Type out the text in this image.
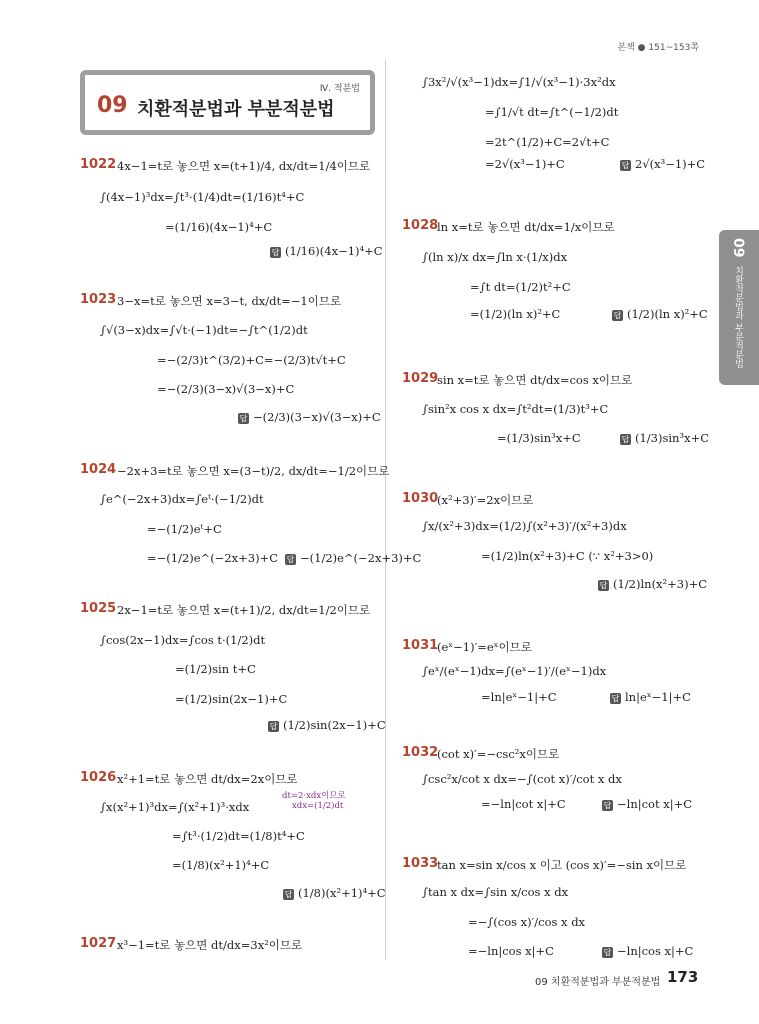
본책 ● 151~153쪽
Ⅳ. 적분법
09 치환적분법과 부분적분법
09
치환적분법과 부분적분법
1022 4x−1=t로 놓으면 x=(t+1)/4, dx/dt=1/4이므로
∫(4x−1)³dx=∫t³·(1/4)dt=(1/16)t⁴+C
=(1/16)(4x−1)⁴+C
답 (1/16)(4x−1)⁴+C
1023 3−x=t로 놓으면 x=3−t, dx/dt=−1이므로
∫√(3−x)dx=∫√t·(−1)dt=−∫t^(1/2)dt
=−(2/3)t^(3/2)+C=−(2/3)t√t+C
=−(2/3)(3−x)√(3−x)+C
답 −(2/3)(3−x)√(3−x)+C
1024 −2x+3=t로 놓으면 x=(3−t)/2, dx/dt=−1/2이므로
∫e^(−2x+3)dx=∫eᵗ·(−1/2)dt
=−(1/2)eᵗ+C
=−(1/2)e^(−2x+3)+C 답 −(1/2)e^(−2x+3)+C
1025 2x−1=t로 놓으면 x=(t+1)/2, dx/dt=1/2이므로
∫cos(2x−1)dx=∫cos t·(1/2)dt
=(1/2)sin t+C
=(1/2)sin(2x−1)+C
답 (1/2)sin(2x−1)+C
1026 x²+1=t로 놓으면 dt/dx=2x이므로
dt=2·xdx이므로
xdx=(1/2)dt
∫x(x²+1)³dx=∫(x²+1)³·xdx
=∫t³·(1/2)dt=(1/8)t⁴+C
=(1/8)(x²+1)⁴+C
답 (1/8)(x²+1)⁴+C
1027 x³−1=t로 놓으면 dt/dx=3x²이므로
∫3x²/√(x³−1)dx=∫1/√(x³−1)·3x²dx
=∫1/√t dt=∫t^(−1/2)dt
=2t^(1/2)+C=2√t+C
=2√(x³−1)+C	답 2√(x³−1)+C
1028
ln x=t로 놓으면 dt/dx=1/x이므로
∫(ln x)/x dx=∫ln x·(1/x)dx
=∫t dt=(1/2)t²+C
=(1/2)(ln x)²+C	답 (1/2)(ln x)²+C
1029
sin x=t로 놓으면 dt/dx=cos x이므로
∫sin²x cos x dx=∫t²dt=(1/3)t³+C
=(1/3)sin³x+C	답 (1/3)sin³x+C
1030
(x²+3)′=2x이므로
∫x/(x²+3)dx=(1/2)∫(x²+3)′/(x²+3)dx
=(1/2)ln(x²+3)+C (∵ x²+3>0)
답 (1/2)ln(x²+3)+C
1031
(eˣ−1)′=eˣ이므로
∫eˣ/(eˣ−1)dx=∫(eˣ−1)′/(eˣ−1)dx
=ln|eˣ−1|+C	답 ln|eˣ−1|+C
1032
(cot x)′=−csc²x이므로
∫csc²x/cot x dx=−∫(cot x)′/cot x dx
=−ln|cot x|+C	답 −ln|cot x|+C
1033
tan x=sin x/cos x 이고 (cos x)′=−sin x이므로
∫tan x dx=∫sin x/cos x dx
=−∫(cos x)′/cos x dx
=−ln|cos x|+C	답 −ln|cos x|+C
09 치환적분법과 부분적분법 173
